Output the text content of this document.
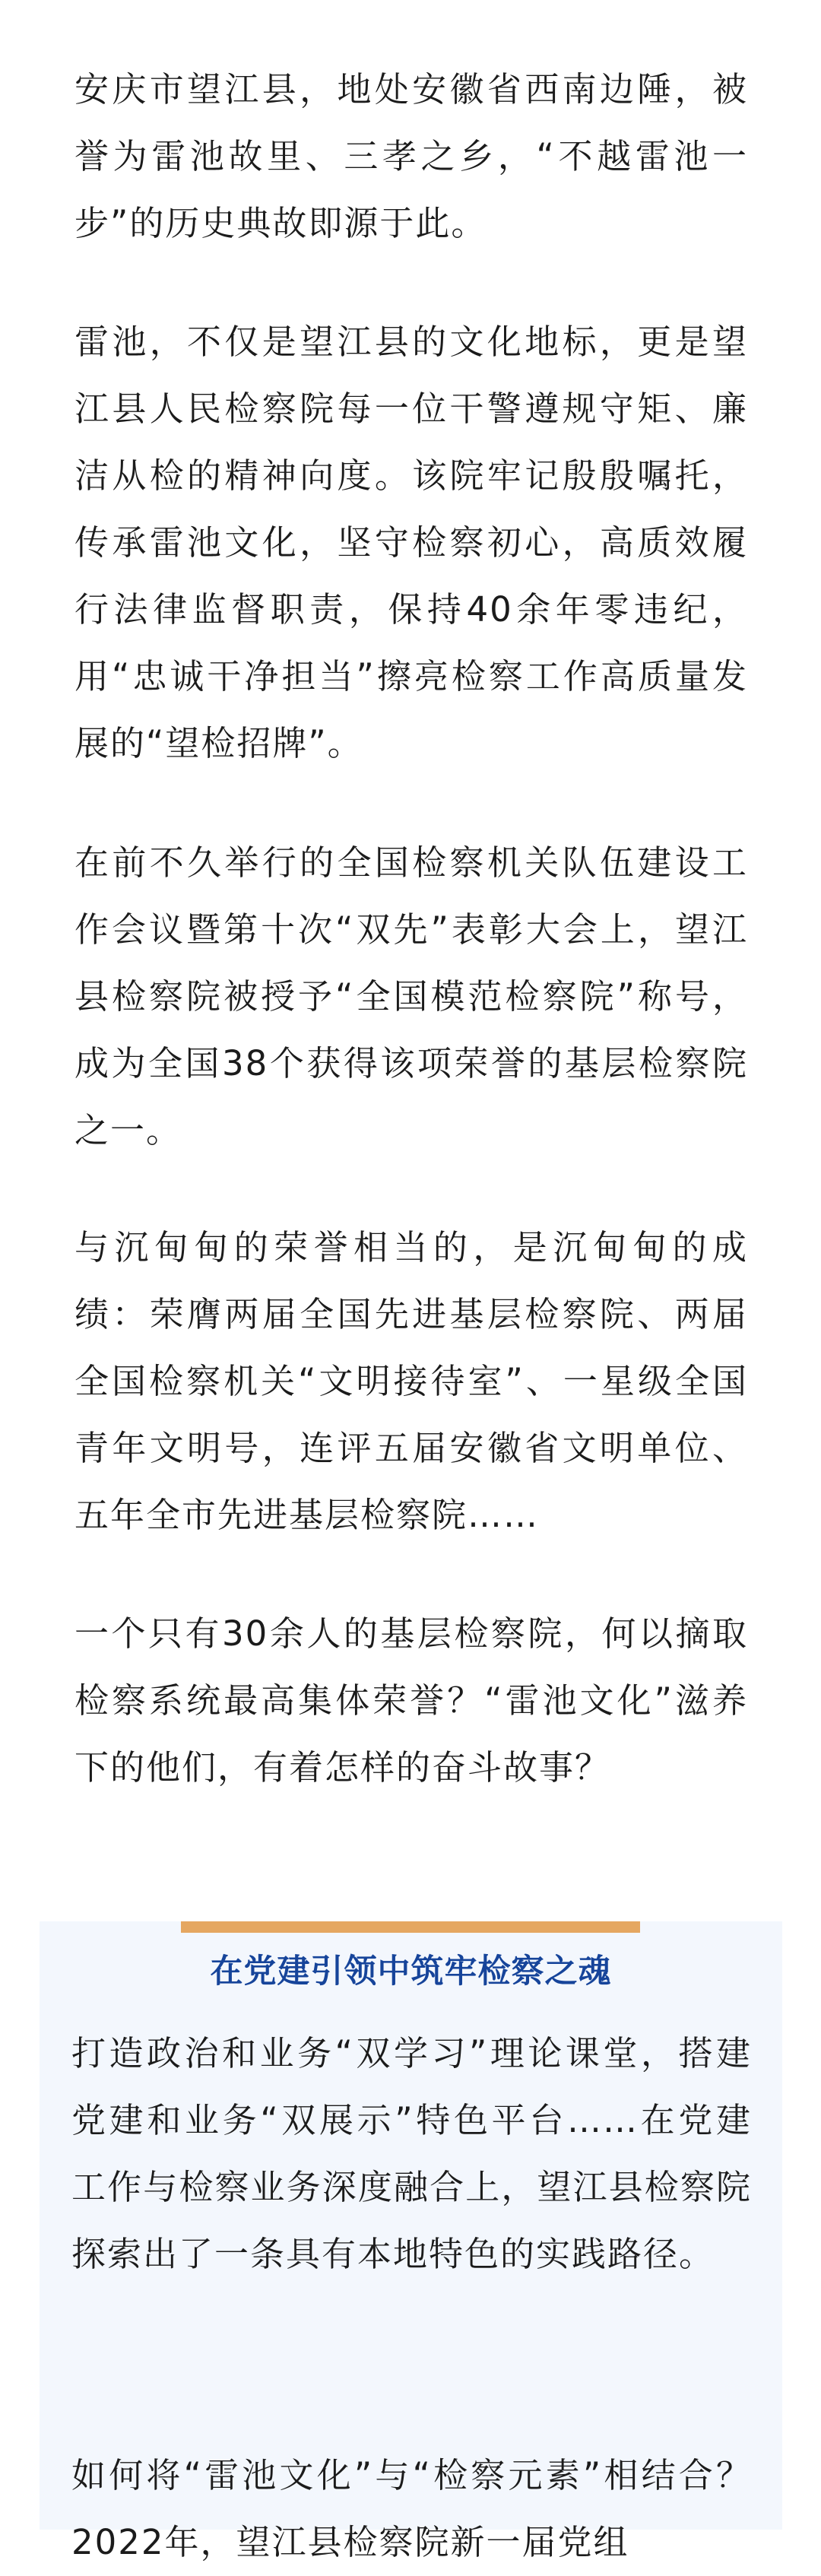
安庆市望江县，地处安徽省西南边陲，被誉为雷池故里、三孝之乡，“不越雷池一步”的历史典故即源于此。

雷池，不仅是望江县的文化地标，更是望江县人民检察院每一位干警遵规守矩、廉洁从检的精神向度。该院牢记殷殷嘱托，传承雷池文化，坚守检察初心，高质效履行法律监督职责，保持40余年零违纪，用“忠诚干净担当”擦亮检察工作高质量发展的“望检招牌”。

在前不久举行的全国检察机关队伍建设工作会议暨第十次“双先”表彰大会上，望江县检察院被授予“全国模范检察院”称号，成为全国38个获得该项荣誉的基层检察院之一。

与沉甸甸的荣誉相当的，是沉甸甸的成绩：荣膺两届全国先进基层检察院、两届全国检察机关“文明接待室”、一星级全国青年文明号，连评五届安徽省文明单位、五年全市先进基层检察院……

一个只有30余人的基层检察院，何以摘取检察系统最高集体荣誉？“雷池文化”滋养下的他们，有着怎样的奋斗故事？

在党建引领中筑牢检察之魂

打造政治和业务“双学习”理论课堂，搭建党建和业务“双展示”特色平台……在党建工作与检察业务深度融合上，望江县检察院探索出了一条具有本地特色的实践路径。

如何将“雷池文化”与“检察元素”相结合？2022年，望江县检察院新一届党组
